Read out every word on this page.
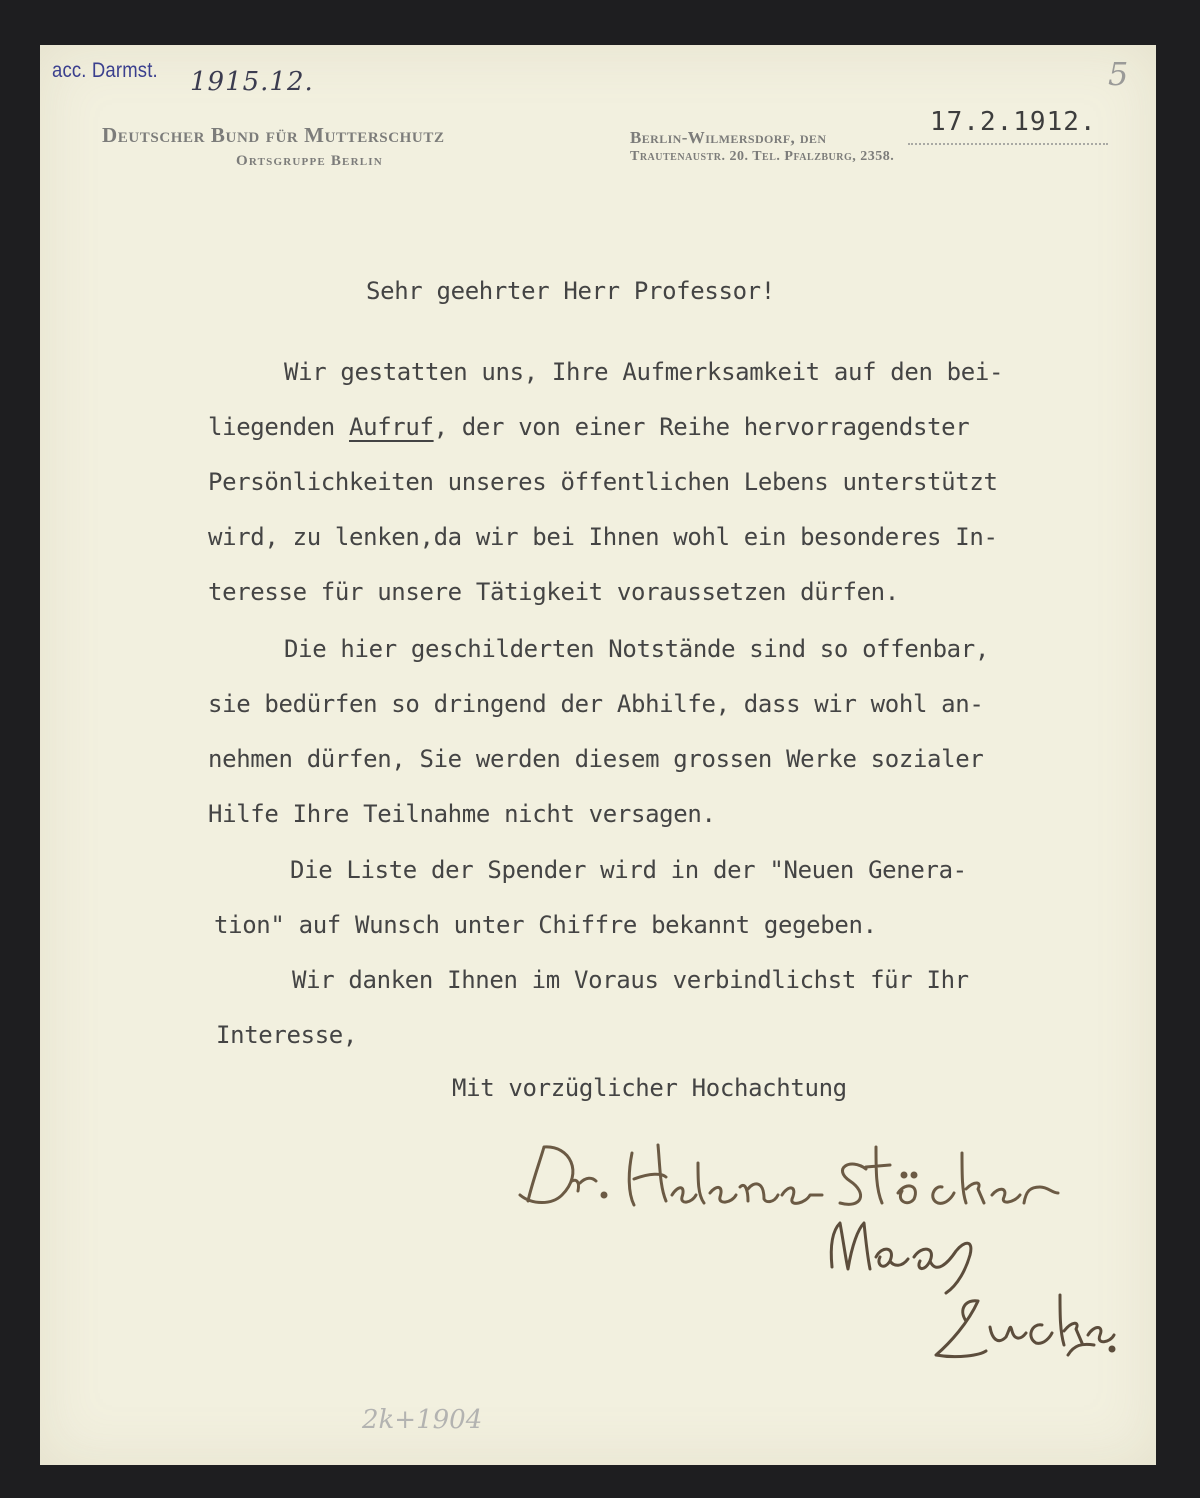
acc. Darmst. 1915.12.	5

Deutscher Bund für Mutterschutz

Ortsgruppe Berlin

Berlin-Wilmersdorf, den

Trautenaustr. 20. Tel. Pfalzburg, 2358.

17.2.1912.

Sehr geehrter Herr Professor!

Wir gestatten uns, Ihre Aufmerksamkeit auf den bei-

liegenden Aufruf, der von einer Reihe hervorragendster

Persönlichkeiten unseres öffentlichen Lebens unterstützt

wird, zu lenken,da wir bei Ihnen wohl ein besonderes In-

teresse für unsere Tätigkeit voraussetzen dürfen.

Die hier geschilderten Notstände sind so offenbar,

sie bedürfen so dringend der Abhilfe, dass wir wohl an-

nehmen dürfen, Sie werden diesem grossen Werke sozialer

Hilfe Ihre Teilnahme nicht versagen.

Die Liste der Spender wird in der "Neuen Genera-

tion" auf Wunsch unter Chiffre bekannt gegeben.

Wir danken Ihnen im Voraus verbindlichst für Ihr

Interesse,

Mit vorzüglicher Hochachtung

2k+1904
